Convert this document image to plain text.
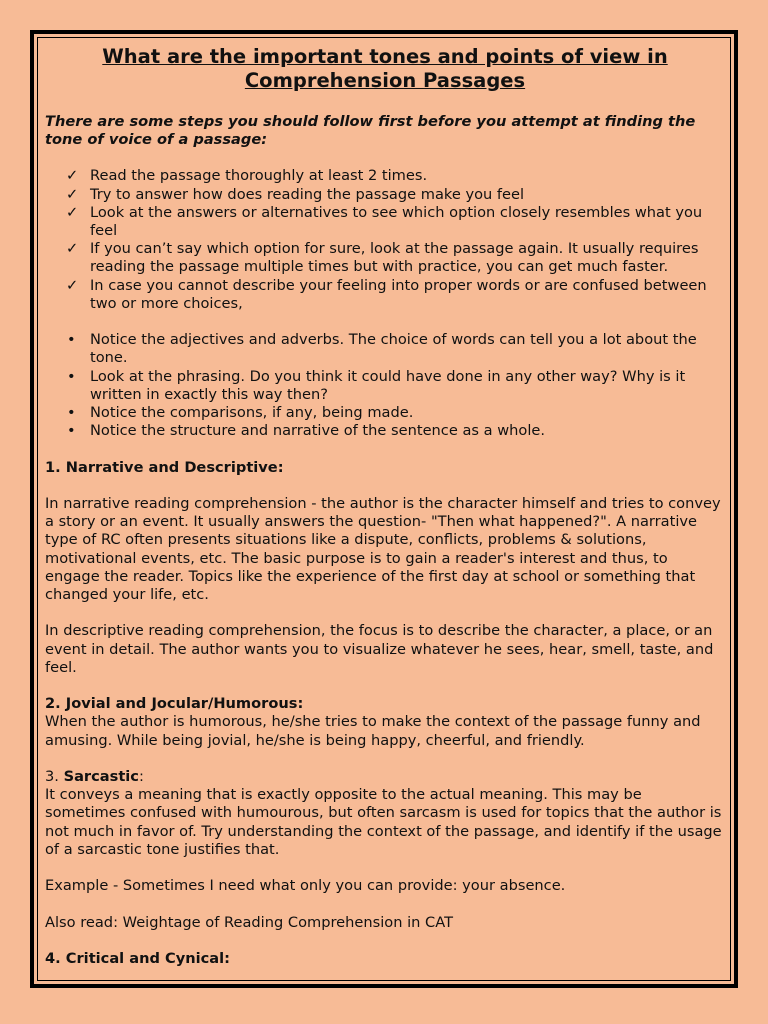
What are the important tones and points of view in Comprehension Passages

There are some steps you should follow first before you attempt at finding the tone of voice of a passage:

✓ Read the passage thoroughly at least 2 times.
✓ Try to answer how does reading the passage make you feel
✓ Look at the answers or alternatives to see which option closely resembles what you feel
✓ If you can’t say which option for sure, look at the passage again. It usually requires reading the passage multiple times but with practice, you can get much faster.
✓ In case you cannot describe your feeling into proper words or are confused between two or more choices,
• Notice the adjectives and adverbs. The choice of words can tell you a lot about the tone.
• Look at the phrasing. Do you think it could have done in any other way? Why is it written in exactly this way then?
• Notice the comparisons, if any, being made.
• Notice the structure and narrative of the sentence as a whole.

1. Narrative and Descriptive:

In narrative reading comprehension - the author is the character himself and tries to convey a story or an event. It usually answers the question- "Then what happened?". A narrative type of RC often presents situations like a dispute, conflicts, problems & solutions, motivational events, etc. The basic purpose is to gain a reader's interest and thus, to engage the reader. Topics like the experience of the first day at school or something that changed your life, etc.

In descriptive reading comprehension, the focus is to describe the character, a place, or an event in detail. The author wants you to visualize whatever he sees, hear, smell, taste, and feel.

2. Jovial and Jocular/Humorous:

When the author is humorous, he/she tries to make the context of the passage funny and amusing. While being jovial, he/she is being happy, cheerful, and friendly.

3. Sarcastic:

It conveys a meaning that is exactly opposite to the actual meaning. This may be sometimes confused with humourous, but often sarcasm is used for topics that the author is not much in favor of. Try understanding the context of the passage, and identify if the usage of a sarcastic tone justifies that.

Example - Sometimes I need what only you can provide: your absence.

Also read: Weightage of Reading Comprehension in CAT

4. Critical and Cynical:
